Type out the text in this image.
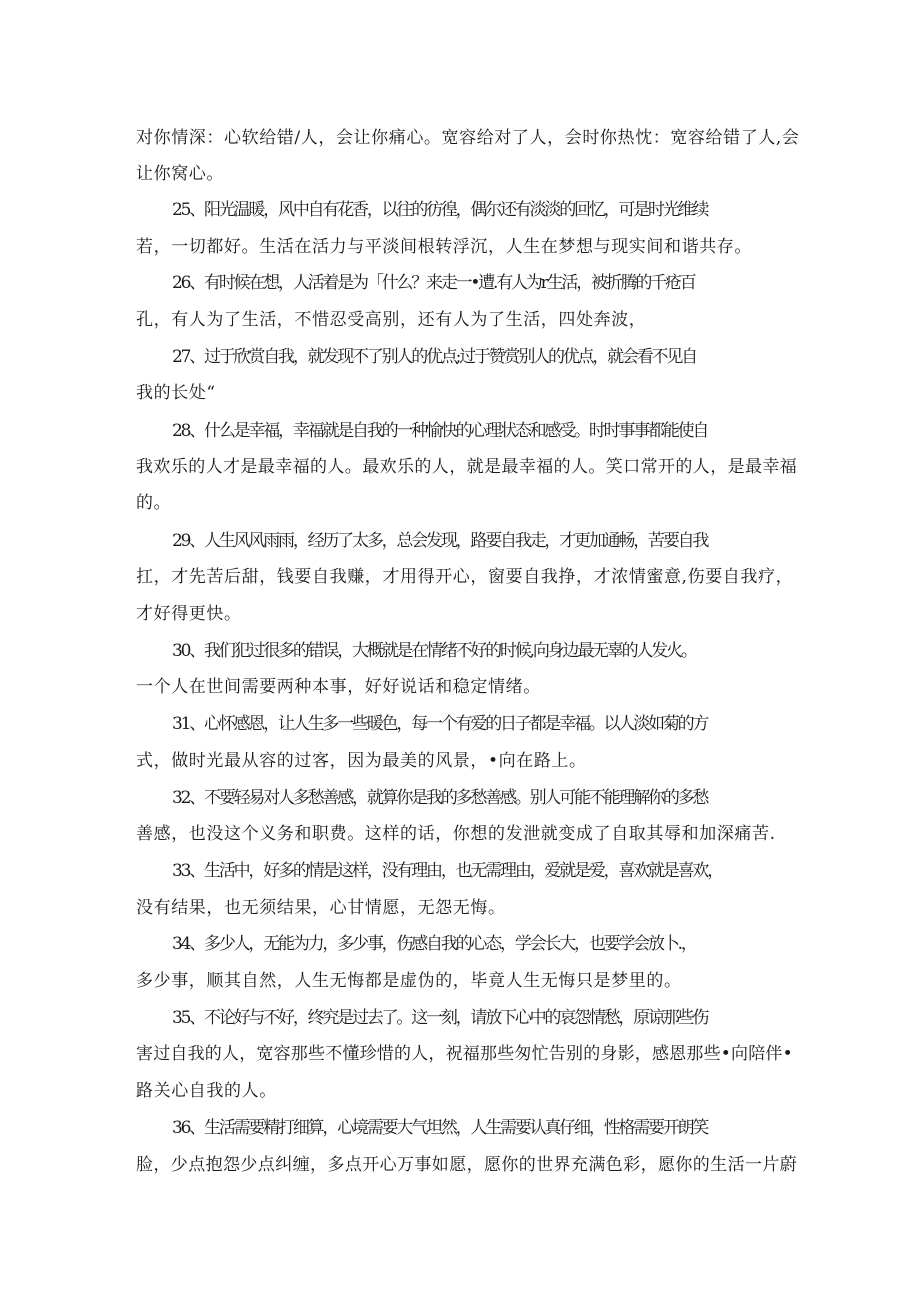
对你情深：心软给错/人，会让你痛心。宽容给对了人，会时你热忱：宽容给错了人,会
让你窝心。
25、阳光温暖，风中自有花香，以往的彷徨，偶尔还有淡淡的回忆，可是时光维续
若，一切都好。生活在活力与平淡间根转浮沉，人生在梦想与现实间和谐共存。
26、有时候在想，人活着是为「什么？来走一•遭.有人为r生活，被折腾的千疮百
孔，有人为了生活，不惜忍受高别，还有人为了生活，四处奔波，
27、过于欣赏自我，就发现不了别人的优点;过于赞赏别人的优点，就会看不见自
我的长处“
28、什么是幸福，幸福就是自我的一种愉快的心理状态和感受。时时事事都能使自
我欢乐的人才是最幸福的人。最欢乐的人，就是最幸福的人。笑口常开的人，是最幸福
的。
29、人生风风雨雨，经历了太多，总会发现，路要自我走，才更加通畅，苦要自我
扛，才先苦后甜，钱要自我赚，才用得开心，窗要自我挣，才浓情蜜意,伤要自我疗，
才好得更快。
30、我们犯过很多的错误，大概就是在情绪不好的时候,向身边最无辜的人发火。
一个人在世间需要两种本事，好好说话和稳定情绪。
31、心怀感恩，让人生多一些暖色，每一个有爱的日子都是幸福。以人淡如菊的方
式，做时光最从容的过客，因为最美的风景，•向在路上。
32、不要轻易对人多愁善感，就算你是我的多愁善感。别人可能不能理解你的多愁
善感，也没这个义务和职费。这样的话，你想的发泄就变成了自取其辱和加深痛苦.
33、生活中，好多的情是这样，没有理由，也无需理由，爱就是爱，喜欢就是喜欢，
没有结果，也无须结果，心甘情愿，无怨无悔。
34、多少人，无能为力，多少事，伤感自我的心态，学会长大，也要学会放卜.，
多少事，顺其自然，人生无悔都是虚伪的，毕竟人生无悔只是梦里的。
35、不论好与不好，终究是过去了。这一刻，请放下心中的哀怨情愁，原谅那些伤
害过自我的人，宽容那些不懂珍惜的人，祝福那些匆忙告别的身影，感恩那些•向陪伴•
路关心自我的人。
36、生活需要精打细算，心境需要大气坦然，人生需要认真仔细，性格需要开朗笑
脸，少点抱怨少点纠缠，多点开心万事如愿，愿你的世界充满色彩，愿你的生活一片蔚
